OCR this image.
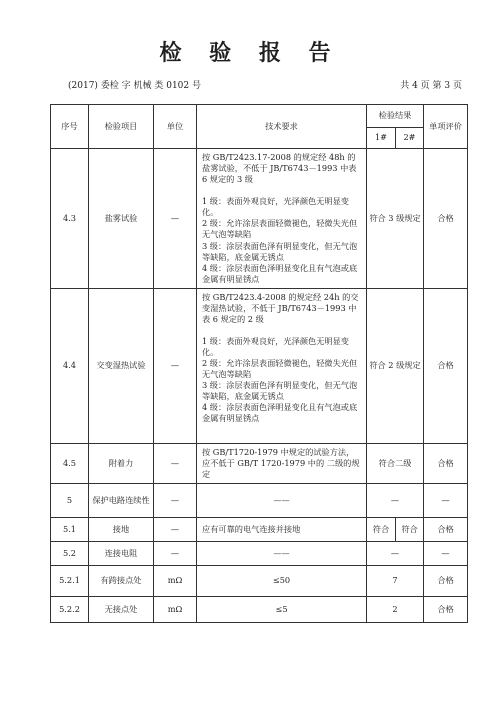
检 验 报 告
(2017) 委检 字 机械 类 0102 号	共 4 页 第 3 页
序号	检验项目	单位	技术要求	检验结果		单项评价
				1#	2#	
4.3	盐雾试验	—	按 GB/T2423.17-2008 的规定经 48h 的盐雾试验，不低于 JB/T6743－1993 中表 6 规定的 3 级

1 级：表面外观良好，光泽颜色无明显变化。
2 级：允许涂层表面轻微褪色，轻微失光但无气泡等缺陷
3 级：涂层表面色泽有明显变化，但无气泡等缺陷，底金属无锈点
4 级：涂层表面色泽明显变化且有气泡或底金属有明显锈点	符合 3 级规定		合格
4.4	交变湿热试验	—	按 GB/T2423.4-2008 的规定经 24h 的交变湿热试验，不低于 JB/T6743－1993 中表 6 规定的 2 级

1 级：表面外观良好，光泽颜色无明显变化。
2 级：允许涂层表面轻微褪色，轻微失光但无气泡等缺陷
3 级：涂层表面色泽有明显变化，但无气泡等缺陷，底金属无锈点
4 级：涂层表面色泽明显变化且有气泡或底金属有明显锈点	符合 2 级规定		合格
4.5	附着力	—	按 GB/T1720-1979 中规定的试验方法，应不低于 GB/T 1720-1979 中的 二级的规定	符合二级		合格
5	保护电路连续性	—	——	—		—
5.1	接地	—	应有可靠的电气连接并接地	符合	符合	合格
5.2	连接电阻	—	——	—		—
5.2.1	有跨接点处	mΩ	≤50	7		合格
5.2.2	无接点处	mΩ	≤5	2		合格
